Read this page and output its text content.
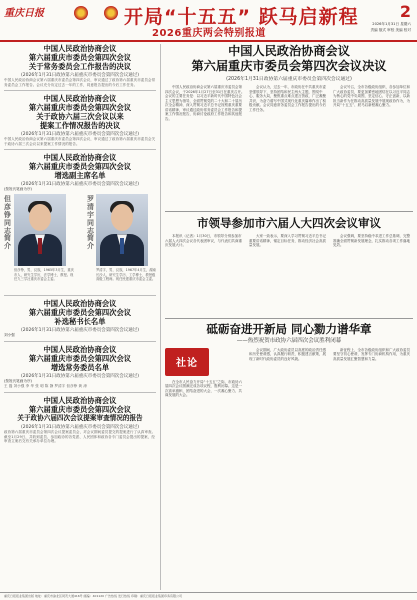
重庆日报	开局“十五五” 跃马启新程
2026重庆两会特别报道
2
2026年1月31日 星期六
责编 版式 审校 美编 校对
中国人民政治协商会议
第六届重庆市委员会第四次会议
关于常务委员会工作报告的决议
(2026年1月31日政协第六届重庆市委员会第四次会议通过)
中国人民政治协商会议第六届重庆市委员会第四次会议，审议通过了政协第六届重庆市委员会常务委员会工作报告。会议充分肯定过去一年的工作，同意报告提出的今后工作任务。
中国人民政治协商会议
第六届重庆市委员会第四次会议
关于政协六届三次会议以来
提案工作情况报告的决议
(2026年1月31日政协第六届重庆市委员会第四次会议通过)
中国人民政治协商会议第六届重庆市委员会第四次会议，审议通过了政协第六届重庆市委员会关于政协六届三次会议以来提案工作情况的报告。
中国人民政治协商会议
第六届重庆市委员会第四次会议
增选副主席名单
(2026年1月31日政协第六届重庆市委员会第四次会议通过)
(按姓氏笔画为序)
但彦铮同志简介
罗清宇同志简介
但彦铮，男，汉族，1965年3月生，重庆市人，研究生学历，法学博士，教授。现任九三学社重庆市委会主委。
罗清宇，男，汉族，1967年4月生，湖南长沙人，研究生学历，工学博士，教授级高级工程师。现任民建重庆市委会主委。
中国人民政治协商会议
第六届重庆市委员会第四次会议
补选秘书长名单
(2026年1月31日政协第六届重庆市委员会第四次会议通过)
刘小强
中国人民政治协商会议
第六届重庆市委员会第四次会议
增选常务委员名单
(2026年1月31日政协第六届重庆市委员会第四次会议通过)
(按姓氏笔画为序)
王 磊 刘小强 李 华 张 明 陈 静 罗清宇 但彦铮 黄 涛
中国人民政治协商会议
第六届重庆市委员会第四次会议
关于政协六届四次会议提案审查情况的报告
(2026年1月31日政协第六届重庆市委员会第四次会议通过)
政协第六届重庆市委员会第四次会议提案委员会，对会议期间委员提交的提案进行了认真审查。截至1月29日，共收到委员、参加政协的各党派、人民团体和政协各专门委员会提出的提案，经审查立案后交有关承办单位办理。
中国人民政治协商会议
第六届重庆市委员会第四次会议决议
(2026年1月31日政协第六届重庆市委员会第四次会议通过)
中国人民政治协商会议第六届重庆市委员会第四次会议，于2026年1月27日至31日在重庆召开。会议的主要任务是：以习近平新时代中国特色社会主义思想为指导，全面贯彻党的二十大和二十届历次全会精神，深入贯彻习近平总书记视察重庆重要讲话精神，审议通过政协常务委员会工作报告和提案工作情况报告，协商讨论政府工作报告和其他报告。
会议认为，过去一年，市政协在中共重庆市委坚强领导下，坚持团结和民主两大主题，围绕中心、服务大局，聚焦重点难点建言资政，广泛凝聚共识，为奋力谱写中国式现代化重庆篇章作出了积极贡献。会议同意常务委员会工作报告提出的今后工作任务。
会议号召，全市各级政协组织、各参加单位和广大政协委员，要更加紧密地团结在以习近平同志为核心的党中央周围，坚定信心、守正创新，以新担当新作为在推动高质量发展中展现政协作为，为开局“十五五”、跃马启新程凝心聚力。
市领导参加市六届人大四次会议审议
本报讯（记者）1月30日，市领导分别参加市六届人大四次会议各代表团审议，与代表们共商重庆发展大计。
大家一致表示，要深入学习贯彻习近平总书记重要讲话精神，锚定目标任务，推动经济社会高质量发展。
会议强调，要坚持稳中求进工作总基调，完整准确全面贯彻新发展理念，扎实推动各项工作落地见效。
砥砺奋进开新局 同心勠力谱华章
——热烈祝贺市政协六届四次会议胜利闭幕
社论
在全市人民奋力开局“十五五”之际，市政协六届四次会议圆满完成各项议程，胜利闭幕。这是一次高举旗帜、团结奋进的大会，一次凝心聚力、共谋发展的大会。
会议期间，广大政协委员以高度的政治责任感和历史使命感，认真履行职责，积极建言献策，展现了新时代政协委员的良好风貌。
新征程上，全市各级政协组织和广大政协委员要坚守初心使命，发挥专门协商机构作用，为重庆高质量发展汇聚智慧和力量。
重庆日报报业集团出版 地址：重庆市渝北区同茂大道416号 邮编：401120 广告热线 发行热线 印刷：重庆日报报业集团印务有限公司
